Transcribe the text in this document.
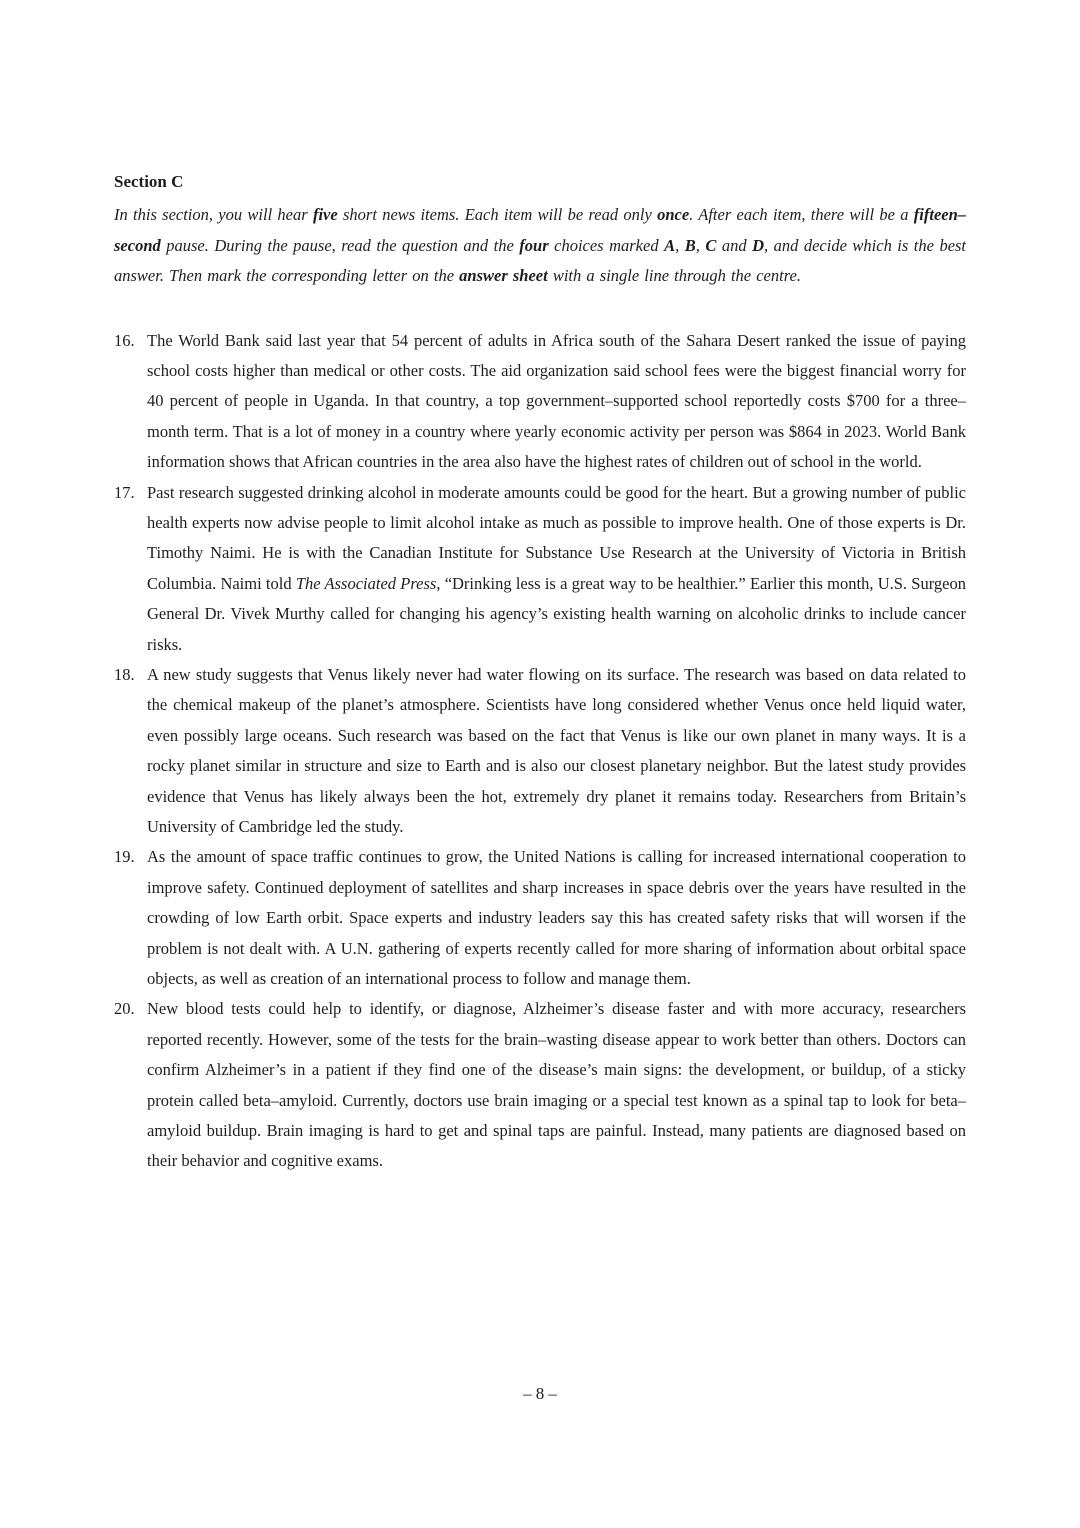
Section C

In this section, you will hear five short news items. Each item will be read only once. After each item, there will be a fifteen–second pause. During the pause, read the question and the four choices marked A, B, C and D, and decide which is the best answer. Then mark the corresponding letter on the answer sheet with a single line through the centre.

16. The World Bank said last year that 54 percent of adults in Africa south of the Sahara Desert ranked the issue of paying school costs higher than medical or other costs. The aid organization said school fees were the biggest financial worry for 40 percent of people in Uganda. In that country, a top government–supported school reportedly costs $700 for a three–month term. That is a lot of money in a country where yearly economic activity per person was $864 in 2023. World Bank information shows that African countries in the area also have the highest rates of children out of school in the world.

17. Past research suggested drinking alcohol in moderate amounts could be good for the heart. But a growing number of public health experts now advise people to limit alcohol intake as much as possible to improve health. One of those experts is Dr. Timothy Naimi. He is with the Canadian Institute for Substance Use Research at the University of Victoria in British Columbia. Naimi told The Associated Press, “Drinking less is a great way to be healthier.” Earlier this month, U.S. Surgeon General Dr. Vivek Murthy called for changing his agency’s existing health warning on alcoholic drinks to include cancer risks.

18. A new study suggests that Venus likely never had water flowing on its surface. The research was based on data related to the chemical makeup of the planet’s atmosphere. Scientists have long considered whether Venus once held liquid water, even possibly large oceans. Such research was based on the fact that Venus is like our own planet in many ways. It is a rocky planet similar in structure and size to Earth and is also our closest planetary neighbor. But the latest study provides evidence that Venus has likely always been the hot, extremely dry planet it remains today. Researchers from Britain’s University of Cambridge led the study.

19. As the amount of space traffic continues to grow, the United Nations is calling for increased international cooperation to improve safety. Continued deployment of satellites and sharp increases in space debris over the years have resulted in the crowding of low Earth orbit. Space experts and industry leaders say this has created safety risks that will worsen if the problem is not dealt with. A U.N. gathering of experts recently called for more sharing of information about orbital space objects, as well as creation of an international process to follow and manage them.

20. New blood tests could help to identify, or diagnose, Alzheimer’s disease faster and with more accuracy, researchers reported recently. However, some of the tests for the brain–wasting disease appear to work better than others. Doctors can confirm Alzheimer’s in a patient if they find one of the disease’s main signs: the development, or buildup, of a sticky protein called beta–amyloid. Currently, doctors use brain imaging or a special test known as a spinal tap to look for beta–amyloid buildup. Brain imaging is hard to get and spinal taps are painful. Instead, many patients are diagnosed based on their behavior and cognitive exams.

– 8 –
